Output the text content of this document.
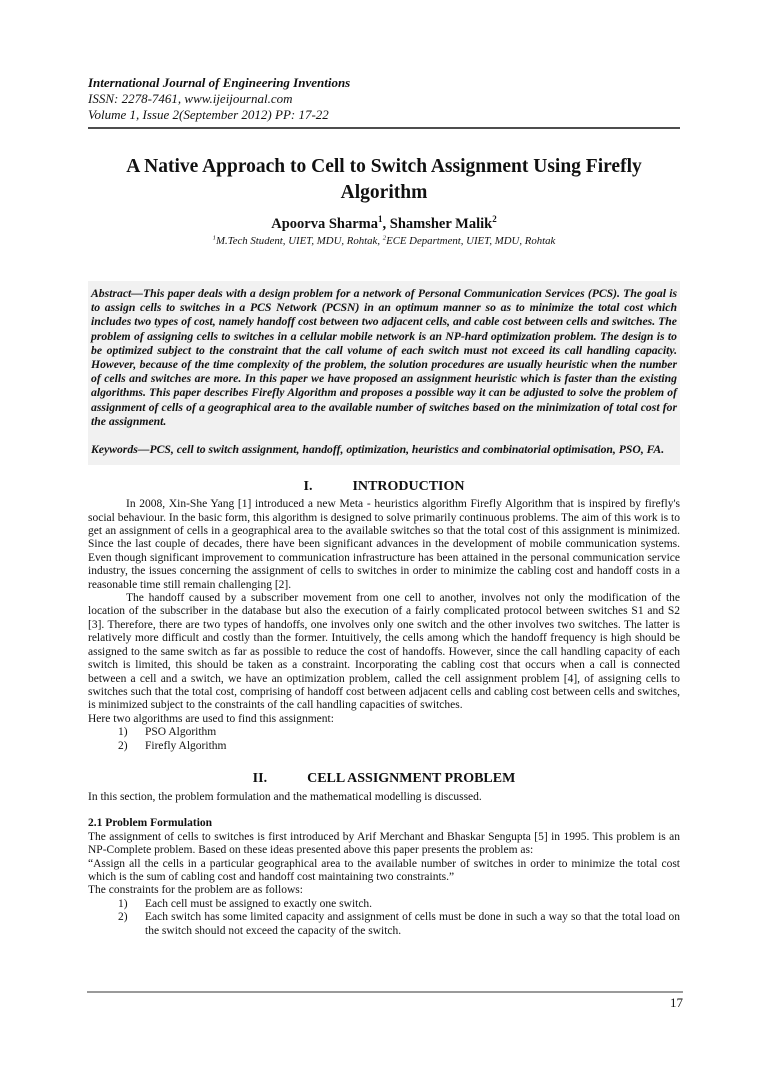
International Journal of Engineering Inventions
ISSN: 2278-7461, www.ijeijournal.com
Volume 1, Issue 2(September 2012) PP: 17-22
A Native Approach to Cell to Switch Assignment Using Firefly Algorithm
Apoorva Sharma$^1$, Shamsher Malik$^2$
$^1$M.Tech Student, UIET, MDU, Rohtak, $^2$ECE Department, UIET, MDU, Rohtak
Abstract—This paper deals with a design problem for a network of Personal Communication Services (PCS). The goal is to assign cells to switches in a PCS Network (PCSN) in an optimum manner so as to minimize the total cost which includes two types of cost, namely handoff cost between two adjacent cells, and cable cost between cells and switches. The problem of assigning cells to switches in a cellular mobile network is an NP-hard optimization problem. The design is to be optimized subject to the constraint that the call volume of each switch must not exceed its call handling capacity. However, because of the time complexity of the problem, the solution procedures are usually heuristic when the number of cells and switches are more. In this paper we have proposed an assignment heuristic which is faster than the existing algorithms. This paper describes Firefly Algorithm and proposes a possible way it can be adjusted to solve the problem of assignment of cells of a geographical area to the available number of switches based on the minimization of total cost for the assignment.
Keywords—PCS, cell to switch assignment, handoff, optimization, heuristics and combinatorial optimisation, PSO, FA.
I.	INTRODUCTION
In 2008, Xin-She Yang [1] introduced a new Meta - heuristics algorithm Firefly Algorithm that is inspired by firefly's social behaviour. In the basic form, this algorithm is designed to solve primarily continuous problems. The aim of this work is to get an assignment of cells in a geographical area to the available switches so that the total cost of this assignment is minimized. Since the last couple of decades, there have been significant advances in the development of mobile communication systems. Even though significant improvement to communication infrastructure has been attained in the personal communication service industry, the issues concerning the assignment of cells to switches in order to minimize the cabling cost and handoff costs in a reasonable time still remain challenging [2].
The handoff caused by a subscriber movement from one cell to another, involves not only the modification of the location of the subscriber in the database but also the execution of a fairly complicated protocol between switches S1 and S2 [3]. Therefore, there are two types of handoffs, one involves only one switch and the other involves two switches. The latter is relatively more difficult and costly than the former. Intuitively, the cells among which the handoff frequency is high should be assigned to the same switch as far as possible to reduce the cost of handoffs. However, since the call handling capacity of each switch is limited, this should be taken as a constraint. Incorporating the cabling cost that occurs when a call is connected between a cell and a switch, we have an optimization problem, called the cell assignment problem [4], of assigning cells to switches such that the total cost, comprising of handoff cost between adjacent cells and cabling cost between cells and switches, is minimized subject to the constraints of the call handling capacities of switches.
Here two algorithms are used to find this assignment:
1)	PSO Algorithm
2)	Firefly Algorithm
II.	CELL ASSIGNMENT PROBLEM
In this section, the problem formulation and the mathematical modelling is discussed.
2.1 Problem Formulation
The assignment of cells to switches is first introduced by Arif Merchant and Bhaskar Sengupta [5] in 1995. This problem is an NP-Complete problem. Based on these ideas presented above this paper presents the problem as:
“Assign all the cells in a particular geographical area to the available number of switches in order to minimize the total cost which is the sum of cabling cost and handoff cost maintaining two constraints.”
The constraints for the problem are as follows:
1)	Each cell must be assigned to exactly one switch.
2)	Each switch has some limited capacity and assignment of cells must be done in such a way so that the total load on the switch should not exceed the capacity of the switch.
17
